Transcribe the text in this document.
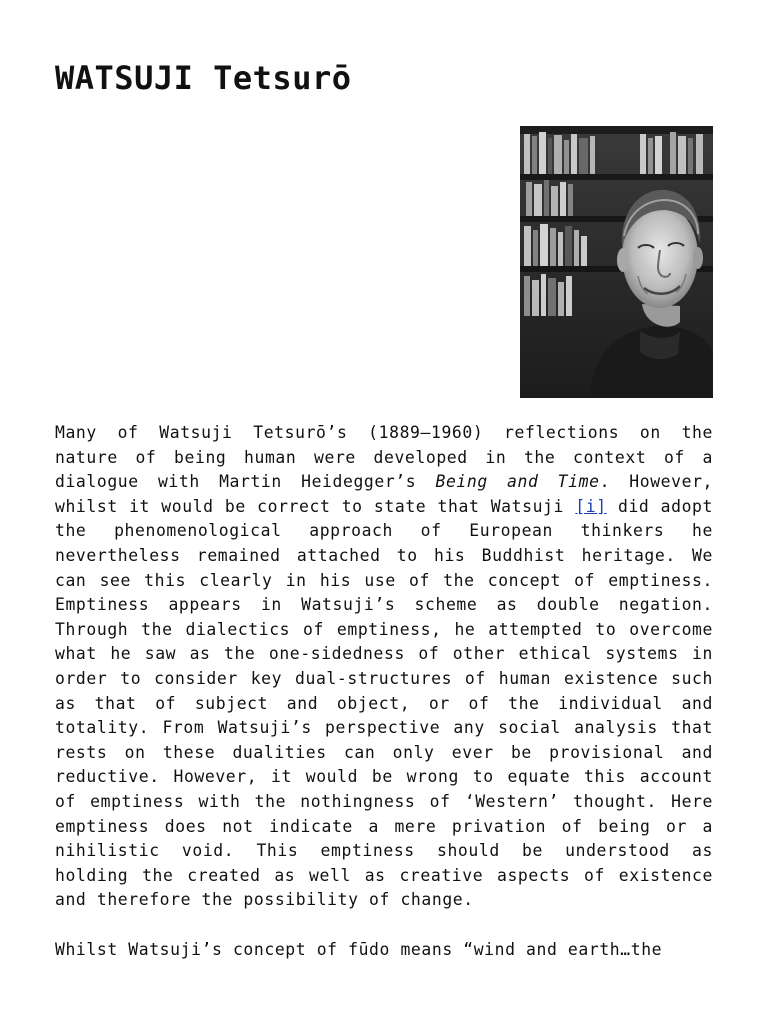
WATSUJI Tetsurō

Many of Watsuji Tetsurō’s (1889–1960) reflections on the nature of being human were developed in the context of a dialogue with Martin Heidegger’s Being and Time. However, whilst it would be correct to state that Watsuji [i] did adopt the phenomenological approach of European thinkers he nevertheless remained attached to his Buddhist heritage. We can see this clearly in his use of the concept of emptiness. Emptiness appears in Watsuji’s scheme as double negation. Through the dialectics of emptiness, he attempted to overcome what he saw as the one-sidedness of other ethical systems in order to consider key dual-structures of human existence such as that of subject and object, or of the individual and totality. From Watsuji’s perspective any social analysis that rests on these dualities can only ever be provisional and reductive. However, it would be wrong to equate this account of emptiness with the nothingness of ‘Western’ thought. Here emptiness does not indicate a mere privation of being or a nihilistic void. This emptiness should be understood as holding the created as well as creative aspects of existence and therefore the possibility of change.

Whilst Watsuji’s concept of fūdo means “wind and earth…the
